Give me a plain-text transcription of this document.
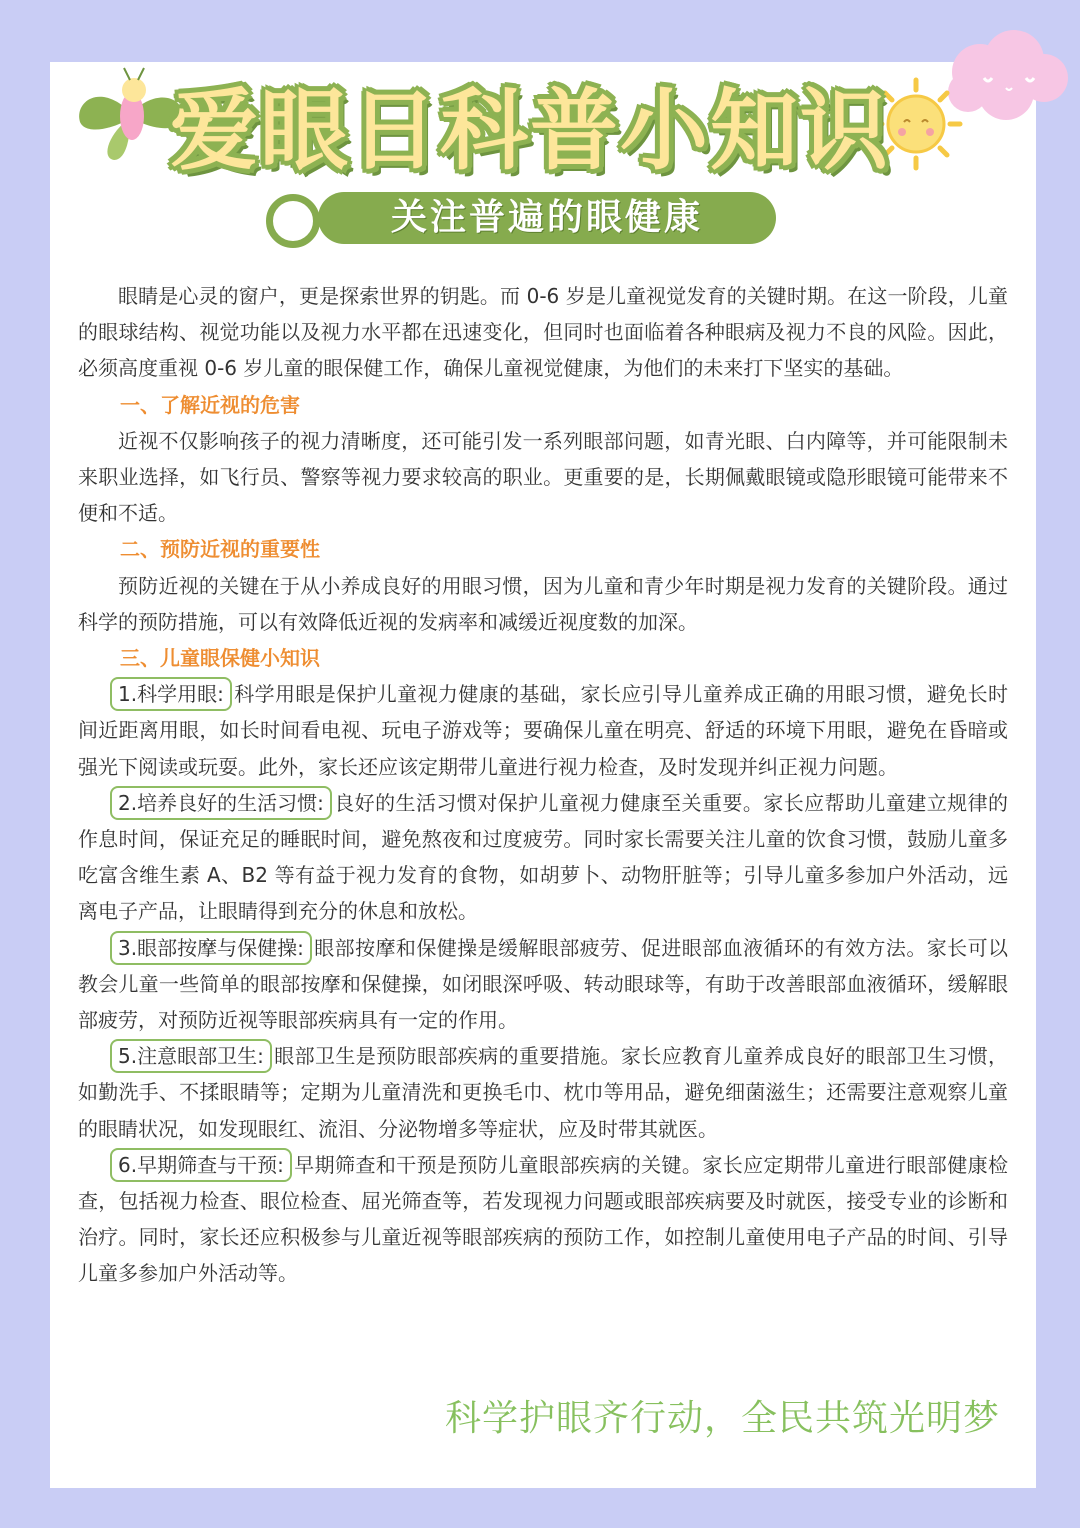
爱眼日科普小知识
关注普遍的眼健康

眼睛是心灵的窗户，更是探索世界的钥匙。而 0-6 岁是儿童视觉发育的关键时期。在这一阶段，儿童的眼球结构、视觉功能以及视力水平都在迅速变化，但同时也面临着各种眼病及视力不良的风险。因此，必须高度重视 0-6 岁儿童的眼保健工作，确保儿童视觉健康，为他们的未来打下坚实的基础。

一、了解近视的危害

近视不仅影响孩子的视力清晰度，还可能引发一系列眼部问题，如青光眼、白内障等，并可能限制未来职业选择，如飞行员、警察等视力要求较高的职业。更重要的是，长期佩戴眼镜或隐形眼镜可能带来不便和不适。

二、预防近视的重要性

预防近视的关键在于从小养成良好的用眼习惯，因为儿童和青少年时期是视力发育的关键阶段。通过科学的预防措施，可以有效降低近视的发病率和减缓近视度数的加深。

三、儿童眼保健小知识

1.科学用眼: 科学用眼是保护儿童视力健康的基础，家长应引导儿童养成正确的用眼习惯，避免长时间近距离用眼，如长时间看电视、玩电子游戏等；要确保儿童在明亮、舒适的环境下用眼，避免在昏暗或强光下阅读或玩耍。此外，家长还应该定期带儿童进行视力检查，及时发现并纠正视力问题。

2.培养良好的生活习惯: 良好的生活习惯对保护儿童视力健康至关重要。家长应帮助儿童建立规律的作息时间，保证充足的睡眠时间，避免熬夜和过度疲劳。同时家长需要关注儿童的饮食习惯，鼓励儿童多吃富含维生素 A、B2 等有益于视力发育的食物，如胡萝卜、动物肝脏等；引导儿童多参加户外活动，远离电子产品，让眼睛得到充分的休息和放松。

3.眼部按摩与保健操: 眼部按摩和保健操是缓解眼部疲劳、促进眼部血液循环的有效方法。家长可以教会儿童一些简单的眼部按摩和保健操，如闭眼深呼吸、转动眼球等，有助于改善眼部血液循环，缓解眼部疲劳，对预防近视等眼部疾病具有一定的作用。

5.注意眼部卫生: 眼部卫生是预防眼部疾病的重要措施。家长应教育儿童养成良好的眼部卫生习惯，如勤洗手、不揉眼睛等；定期为儿童清洗和更换毛巾、枕巾等用品，避免细菌滋生；还需要注意观察儿童的眼睛状况，如发现眼红、流泪、分泌物增多等症状，应及时带其就医。

6.早期筛查与干预: 早期筛查和干预是预防儿童眼部疾病的关键。家长应定期带儿童进行眼部健康检查，包括视力检查、眼位检查、屈光筛查等，若发现视力问题或眼部疾病要及时就医，接受专业的诊断和治疗。同时，家长还应积极参与儿童近视等眼部疾病的预防工作，如控制儿童使用电子产品的时间、引导儿童多参加户外活动等。

科学护眼齐行动，全民共筑光明梦
